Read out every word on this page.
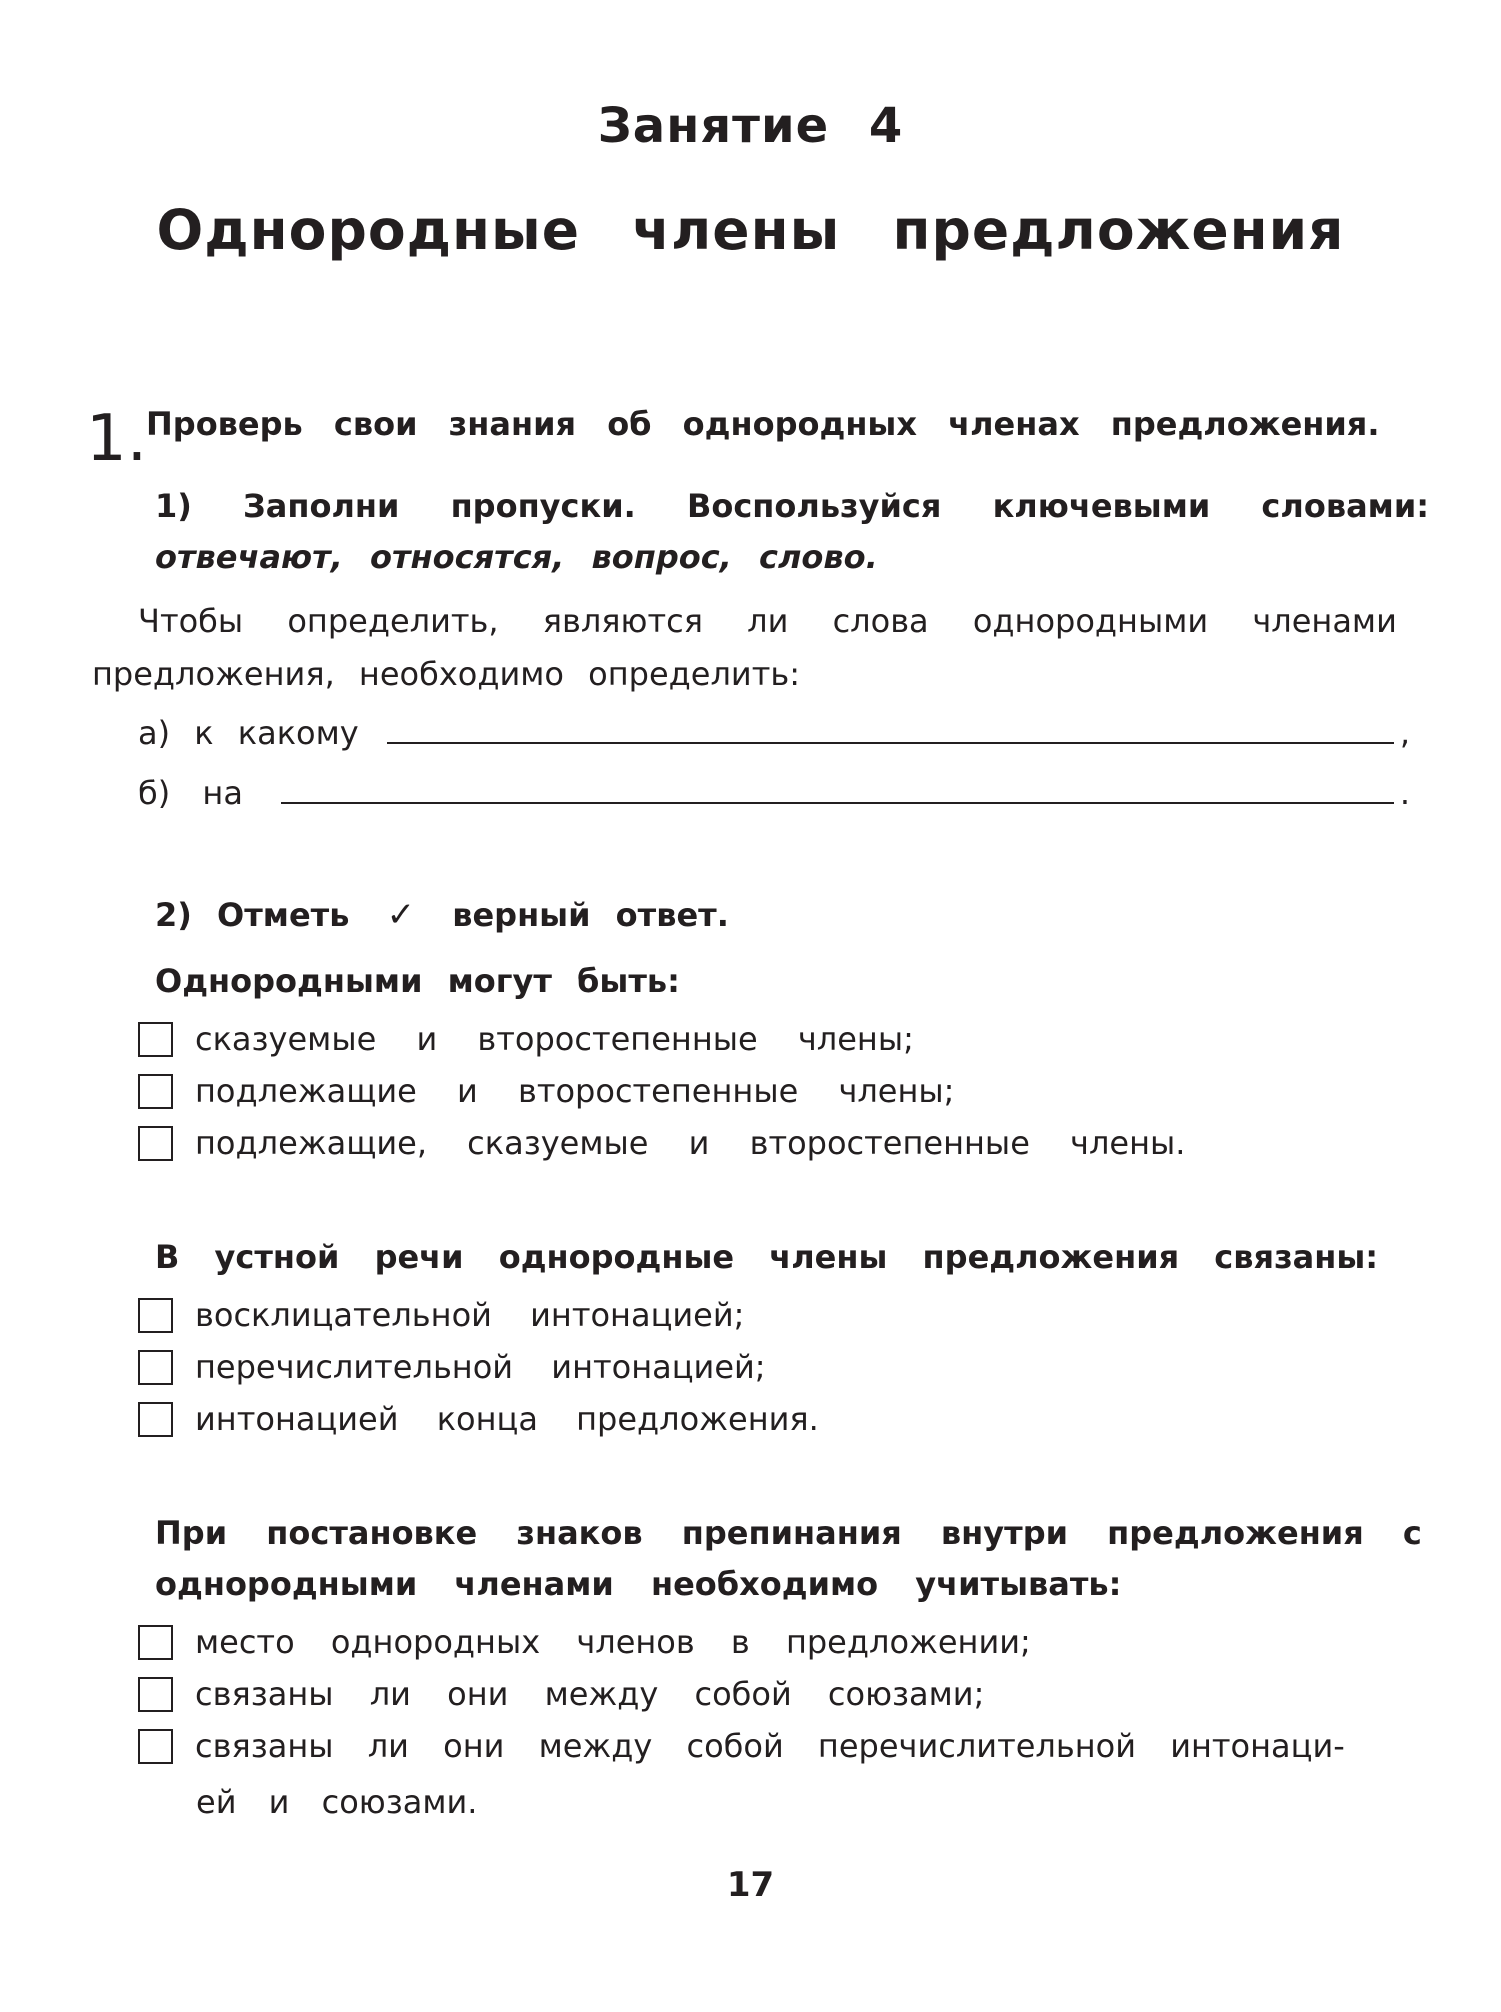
Занятие 4
Однородные члены предложения
1.
Проверь свои знания об однородных членах предложения.
1) Заполни пропуски. Воспользуйся ключевыми словами:
отвечают, относятся, вопрос, слово.
Чтобы определить, являются ли слова однородными членами
предложения, необходимо определить:
а) к какому	,
б) на	.
2) Отметь ✓ верный ответ.
Однородными могут быть:
сказуемые и второстепенные члены;
подлежащие и второстепенные члены;
подлежащие, сказуемые и второстепенные члены.
В устной речи однородные члены предложения связаны:
восклицательной интонацией;
перечислительной интонацией;
интонацией конца предложения.
При постановке знаков препинания внутри предложения с
однородными членами необходимо учитывать:
место однородных членов в предложении;
связаны ли они между собой союзами;
связаны ли они между собой перечислительной интонаци-
ей и союзами.
17
